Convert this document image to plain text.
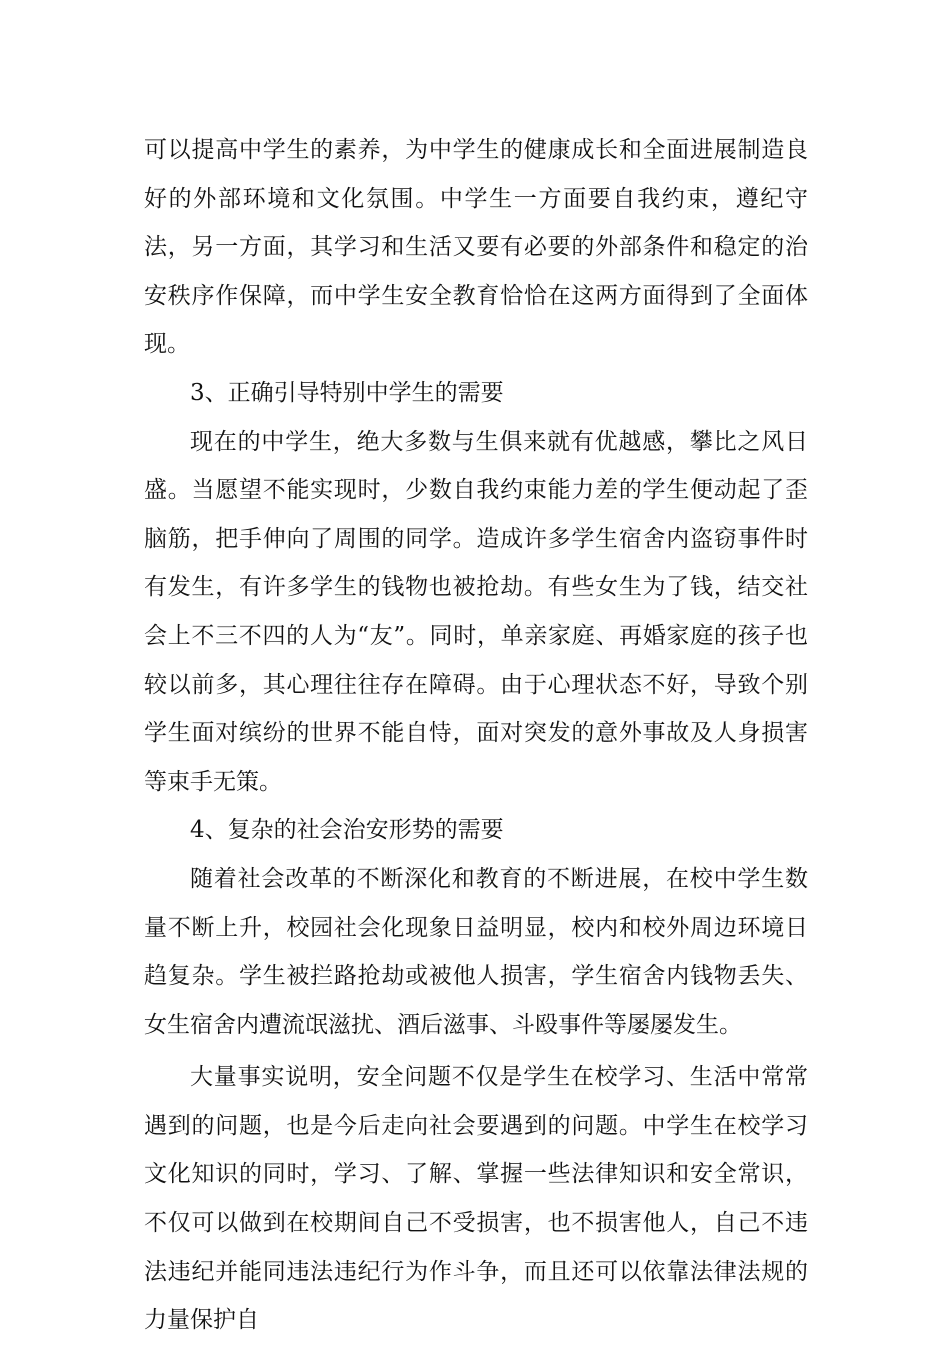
可以提高中学生的素养，为中学生的健康成长和全面进展制造良好的外部环境和文化氛围。中学生一方面要自我约束，遵纪守法，另一方面，其学习和生活又要有必要的外部条件和稳定的治安秩序作保障，而中学生安全教育恰恰在这两方面得到了全面体现。

3、正确引导特别中学生的需要

现在的中学生，绝大多数与生俱来就有优越感，攀比之风日盛。当愿望不能实现时，少数自我约束能力差的学生便动起了歪脑筋，把手伸向了周围的同学。造成许多学生宿舍内盗窃事件时有发生，有许多学生的钱物也被抢劫。有些女生为了钱，结交社会上不三不四的人为“友”。同时，单亲家庭、再婚家庭的孩子也较以前多，其心理往往存在障碍。由于心理状态不好，导致个别学生面对缤纷的世界不能自恃，面对突发的意外事故及人身损害等束手无策。

4、复杂的社会治安形势的需要

随着社会改革的不断深化和教育的不断进展，在校中学生数量不断上升，校园社会化现象日益明显，校内和校外周边环境日趋复杂。学生被拦路抢劫或被他人损害，学生宿舍内钱物丢失、女生宿舍内遭流氓滋扰、酒后滋事、斗殴事件等屡屡发生。

大量事实说明，安全问题不仅是学生在校学习、生活中常常遇到的问题，也是今后走向社会要遇到的问题。中学生在校学习文化知识的同时，学习、了解、掌握一些法律知识和安全常识，不仅可以做到在校期间自己不受损害，也不损害他人，自己不违法违纪并能同违法违纪行为作斗争，而且还可以依靠法律法规的力量保护自
